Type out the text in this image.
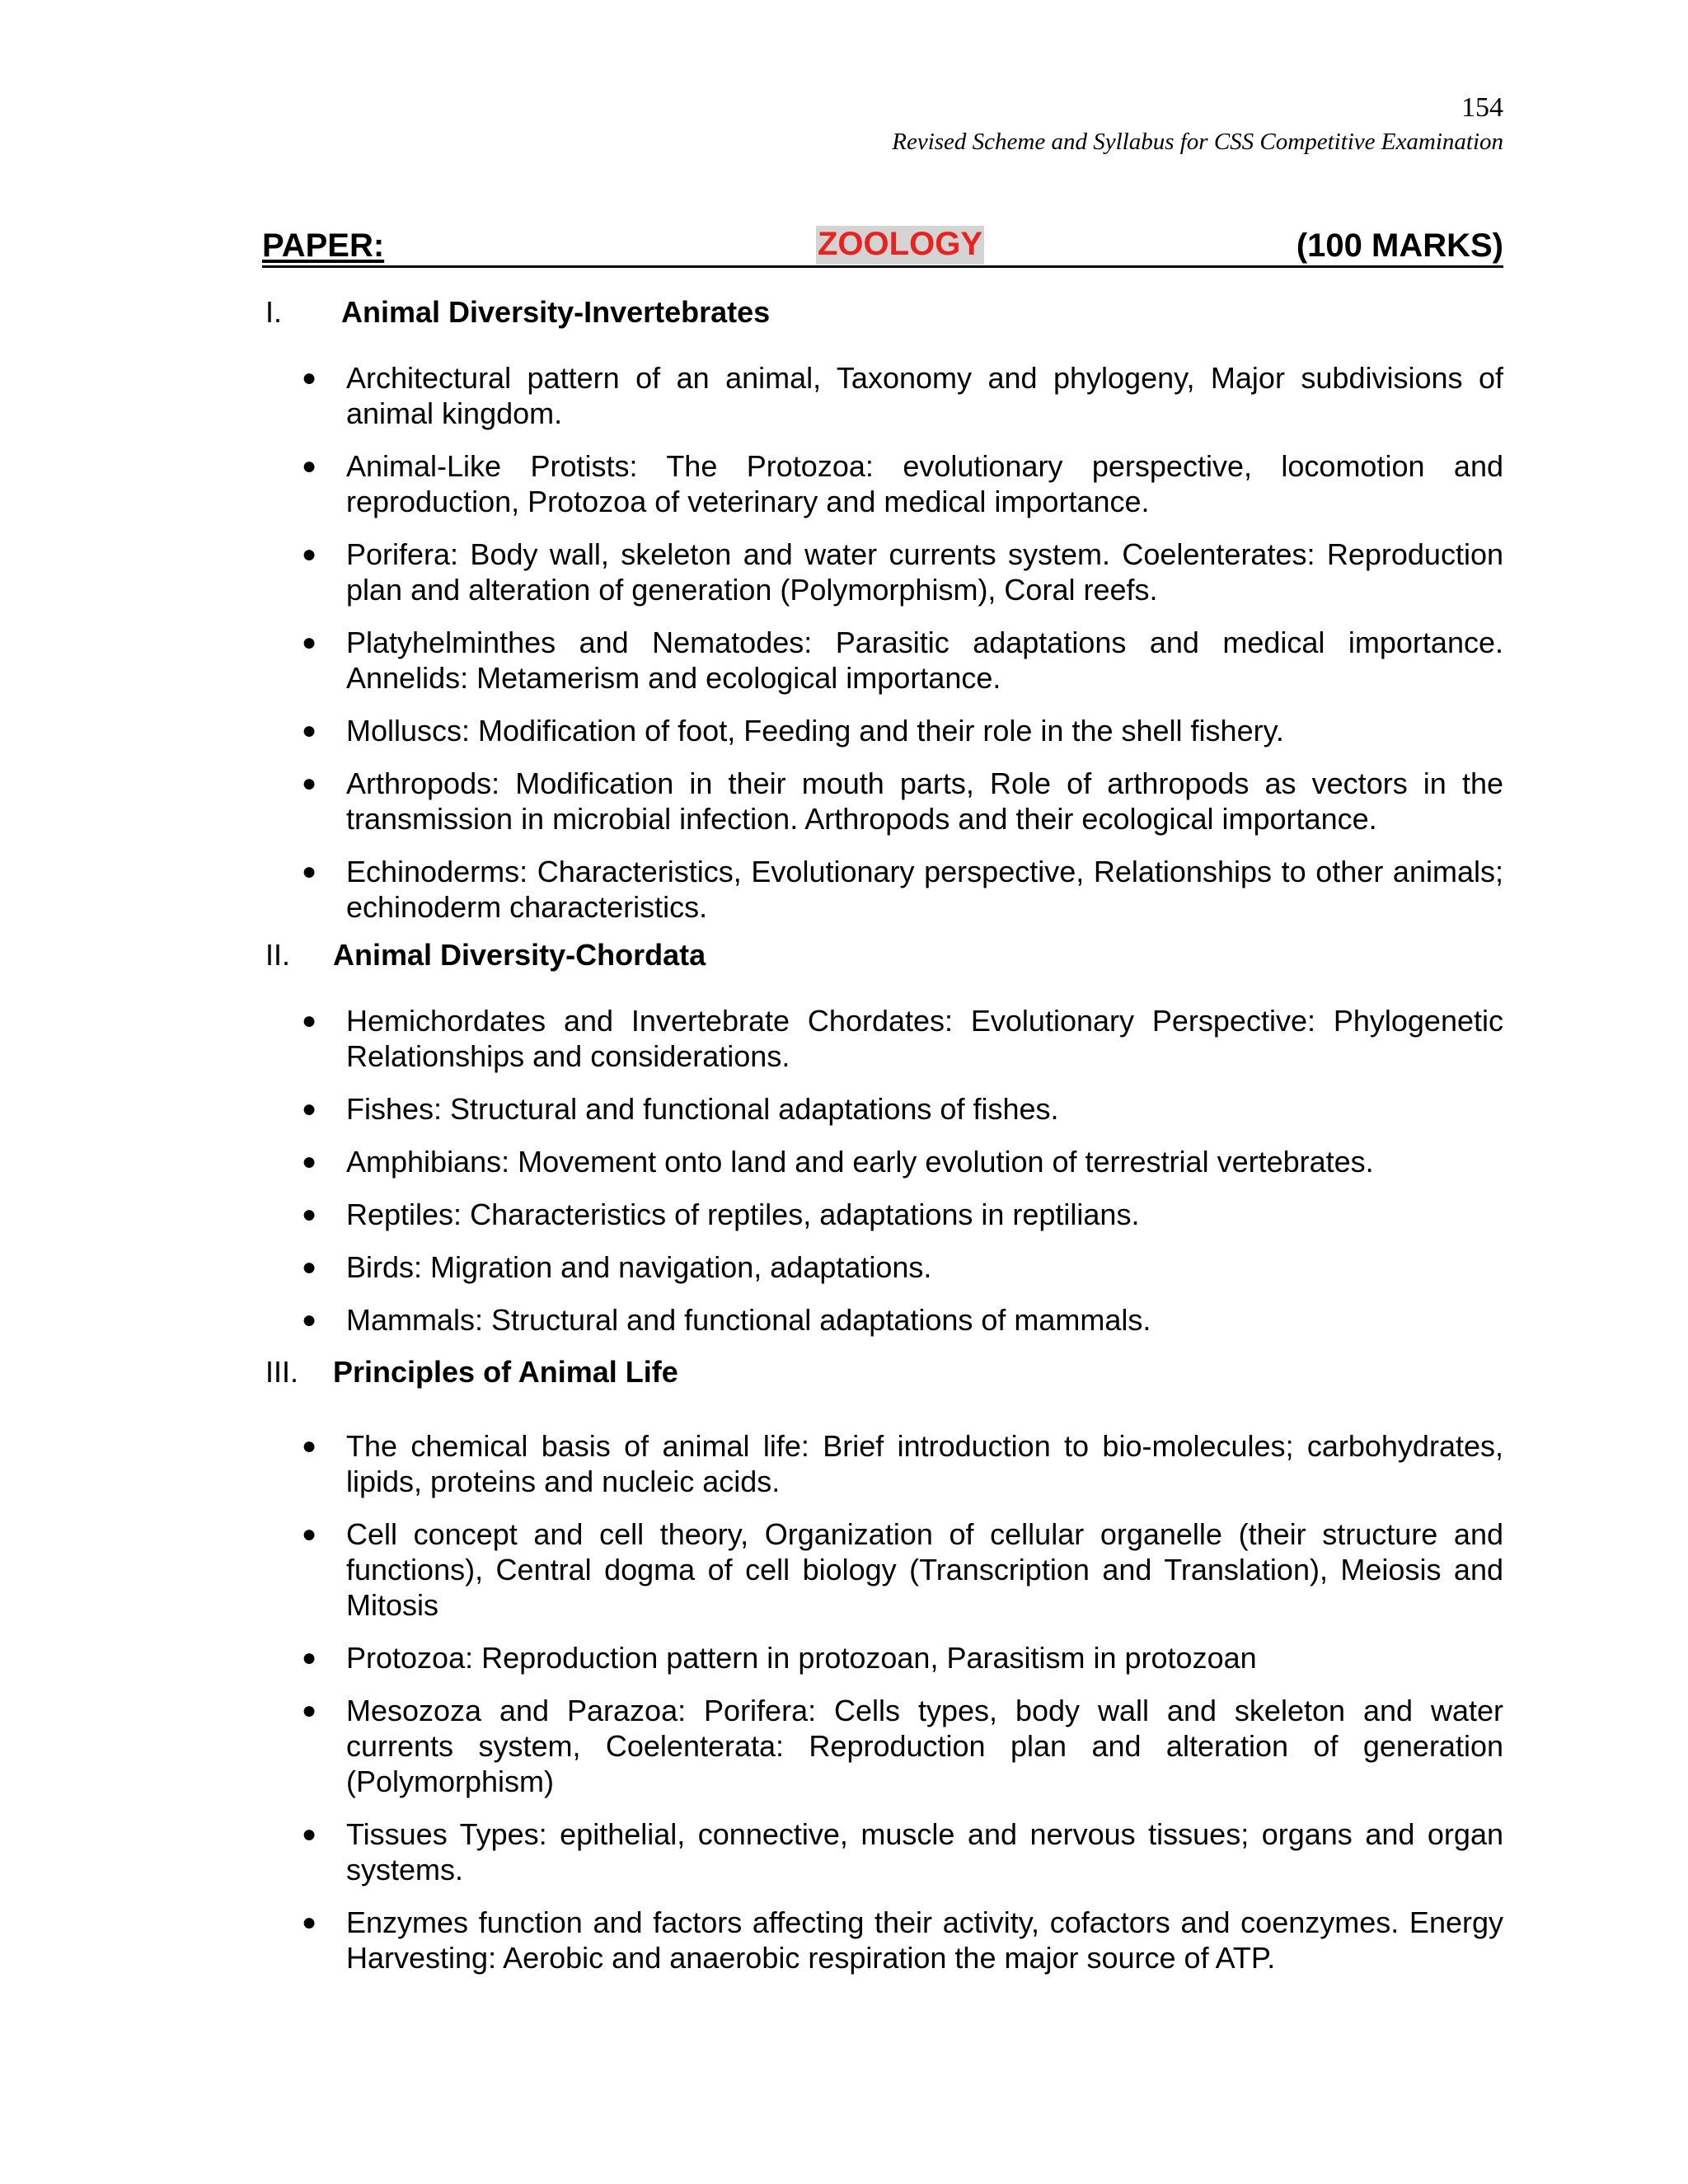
154
Revised Scheme and Syllabus for CSS Competitive Examination
PAPER:	ZOOLOGY	(100 MARKS)
I. Animal Diversity-Invertebrates
● Architectural pattern of an animal, Taxonomy and phylogeny, Major subdivisions of animal kingdom.
● Animal-Like Protists: The Protozoa: evolutionary perspective, locomotion and reproduction, Protozoa of veterinary and medical importance.
● Porifera: Body wall, skeleton and water currents system. Coelenterates: Reproduction plan and alteration of generation (Polymorphism), Coral reefs.
● Platyhelminthes and Nematodes: Parasitic adaptations and medical importance. Annelids: Metamerism and ecological importance.
● Molluscs: Modification of foot, Feeding and their role in the shell fishery.
● Arthropods: Modification in their mouth parts, Role of arthropods as vectors in the transmission in microbial infection. Arthropods and their ecological importance.
● Echinoderms: Characteristics, Evolutionary perspective, Relationships to other animals; echinoderm characteristics.
II. Animal Diversity-Chordata
● Hemichordates and Invertebrate Chordates: Evolutionary Perspective: Phylogenetic Relationships and considerations.
● Fishes: Structural and functional adaptations of fishes.
● Amphibians: Movement onto land and early evolution of terrestrial vertebrates.
● Reptiles: Characteristics of reptiles, adaptations in reptilians.
● Birds: Migration and navigation, adaptations.
● Mammals: Structural and functional adaptations of mammals.
III. Principles of Animal Life
● The chemical basis of animal life: Brief introduction to bio-molecules; carbohydrates, lipids, proteins and nucleic acids.
● Cell concept and cell theory, Organization of cellular organelle (their structure and functions), Central dogma of cell biology (Transcription and Translation), Meiosis and Mitosis
● Protozoa: Reproduction pattern in protozoan, Parasitism in protozoan
● Mesozoza and Parazoa: Porifera: Cells types, body wall and skeleton and water currents system, Coelenterata: Reproduction plan and alteration of generation (Polymorphism)
● Tissues Types: epithelial, connective, muscle and nervous tissues; organs and organ systems.
● Enzymes function and factors affecting their activity, cofactors and coenzymes. Energy Harvesting: Aerobic and anaerobic respiration the major source of ATP.
